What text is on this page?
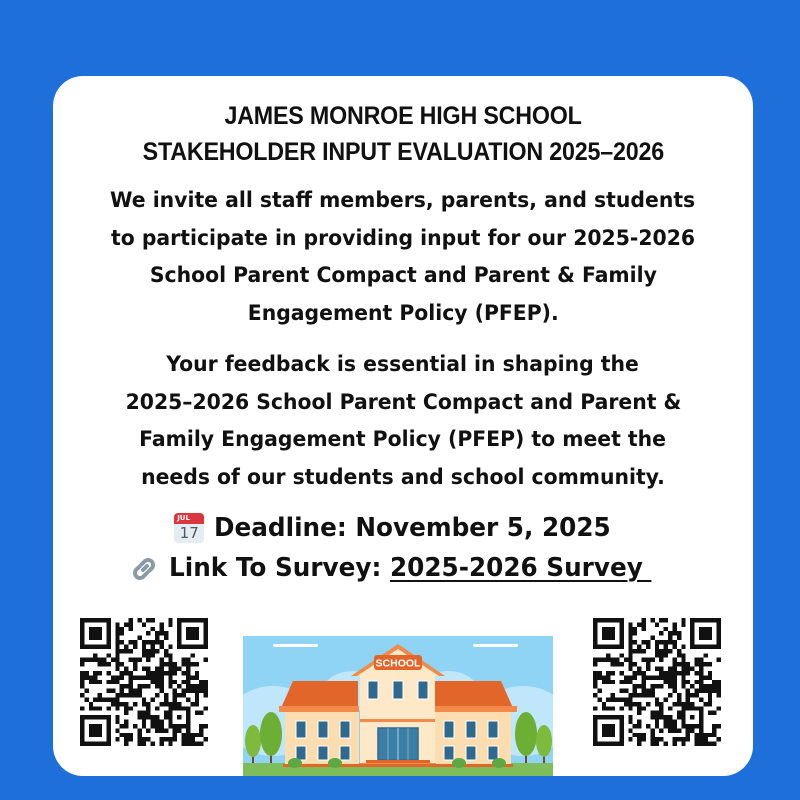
JAMES MONROE HIGH SCHOOL
STAKEHOLDER INPUT EVALUATION 2025–2026
We invite all staff members, parents, and students
to participate in providing input for our 2025-2026
School Parent Compact and Parent & Family
Engagement Policy (PFEP).
Your feedback is essential in shaping the
2025–2026 School Parent Compact and Parent &
Family Engagement Policy (PFEP) to meet the
needs of our students and school community.
JUL
17 Deadline: November 5, 2025
Link To Survey: 2025-2026 Survey
SCHOOL
